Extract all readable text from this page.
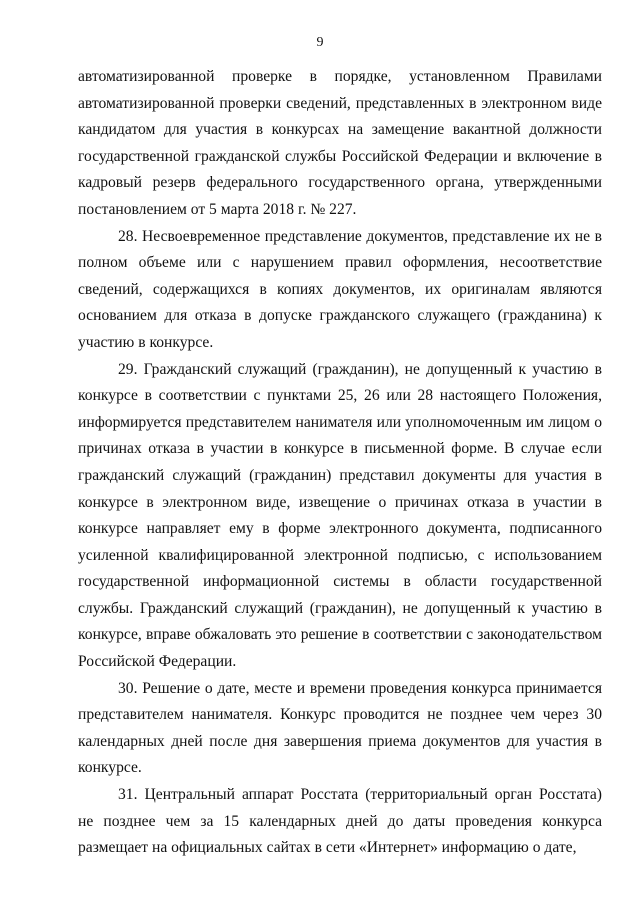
9

автоматизированной проверке в порядке, установленном Правилами автоматизированной проверки сведений, представленных в электронном виде кандидатом для участия в конкурсах на замещение вакантной должности государственной гражданской службы Российской Федерации и включение в кадровый резерв федерального государственного органа, утвержденными постановлением от 5 марта 2018 г. № 227.

28. Несвоевременное представление документов, представление их не в полном объеме или с нарушением правил оформления, несоответствие сведений, содержащихся в копиях документов, их оригиналам являются основанием для отказа в допуске гражданского служащего (гражданина) к участию в конкурсе.

29. Гражданский служащий (гражданин), не допущенный к участию в конкурсе в соответствии с пунктами 25, 26 или 28 настоящего Положения, информируется представителем нанимателя или уполномоченным им лицом о причинах отказа в участии в конкурсе в письменной форме. В случае если гражданский служащий (гражданин) представил документы для участия в конкурсе в электронном виде, извещение о причинах отказа в участии в конкурсе направляет ему в форме электронного документа, подписанного усиленной квалифицированной электронной подписью, с использованием государственной информационной системы в области государственной службы. Гражданский служащий (гражданин), не допущенный к участию в конкурсе, вправе обжаловать это решение в соответствии с законодательством Российской Федерации.

30. Решение о дате, месте и времени проведения конкурса принимается представителем нанимателя. Конкурс проводится не позднее чем через 30 календарных дней после дня завершения приема документов для участия в конкурсе.

31. Центральный аппарат Росстата (территориальный орган Росстата) не позднее чем за 15 календарных дней до даты проведения конкурса размещает на официальных сайтах в сети «Интернет» информацию о дате,
